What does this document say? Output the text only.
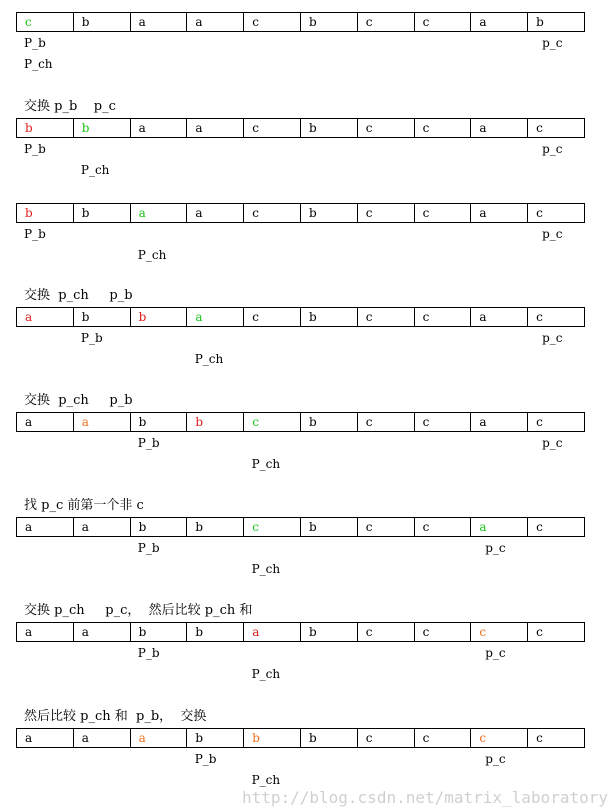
c	b	a	a	c	b	c	c	a	b
P_b	p_c
P_ch
交换 p_b    p_c
b	b	a	a	c	b	c	c	a	c
P_b	p_c
P_ch
b	b	a	a	c	b	c	c	a	c
P_b	p_c
P_ch
交换  p_ch     p_b
a	b	b	a	c	b	c	c	a	c
P_b	p_c
P_ch
交换  p_ch     p_b
a	a	b	b	c	b	c	c	a	c
P_b	p_c
P_ch
找 p_c 前第一个非 c
a	a	b	b	c	b	c	c	a	c
P_b	p_c
P_ch
交换 p_ch     p_c，  然后比较 p_ch 和
a	a	b	b	a	b	c	c	c	c
P_b	p_c
P_ch
然后比较 p_ch 和  p_b，  交换
a	a	a	b	b	b	c	c	c	c
P_b	p_c
P_ch
http://blog.csdn.net/matrix_laboratory
